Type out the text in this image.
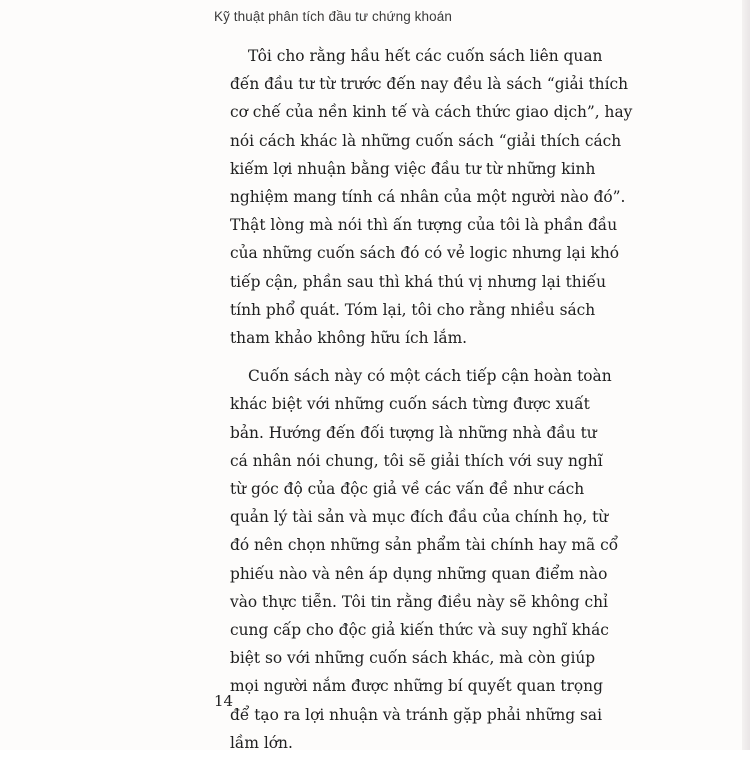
Kỹ thuật phân tích đầu tư chứng khoán

Tôi cho rằng hầu hết các cuốn sách liên quan
đến đầu tư từ trước đến nay đều là sách “giải thích
cơ chế của nền kinh tế và cách thức giao dịch”, hay
nói cách khác là những cuốn sách “giải thích cách
kiếm lợi nhuận bằng việc đầu tư từ những kinh
nghiệm mang tính cá nhân của một người nào đó”.
Thật lòng mà nói thì ấn tượng của tôi là phần đầu
của những cuốn sách đó có vẻ logic nhưng lại khó
tiếp cận, phần sau thì khá thú vị nhưng lại thiếu
tính phổ quát. Tóm lại, tôi cho rằng nhiều sách
tham khảo không hữu ích lắm.

Cuốn sách này có một cách tiếp cận hoàn toàn
khác biệt với những cuốn sách từng được xuất
bản. Hướng đến đối tượng là những nhà đầu tư
cá nhân nói chung, tôi sẽ giải thích với suy nghĩ
từ góc độ của độc giả về các vấn đề như cách
quản lý tài sản và mục đích đầu của chính họ, từ
đó nên chọn những sản phẩm tài chính hay mã cổ
phiếu nào và nên áp dụng những quan điểm nào
vào thực tiễn. Tôi tin rằng điều này sẽ không chỉ
cung cấp cho độc giả kiến thức và suy nghĩ khác
biệt so với những cuốn sách khác, mà còn giúp
mọi người nắm được những bí quyết quan trọng
để tạo ra lợi nhuận và tránh gặp phải những sai
lầm lớn.

14
